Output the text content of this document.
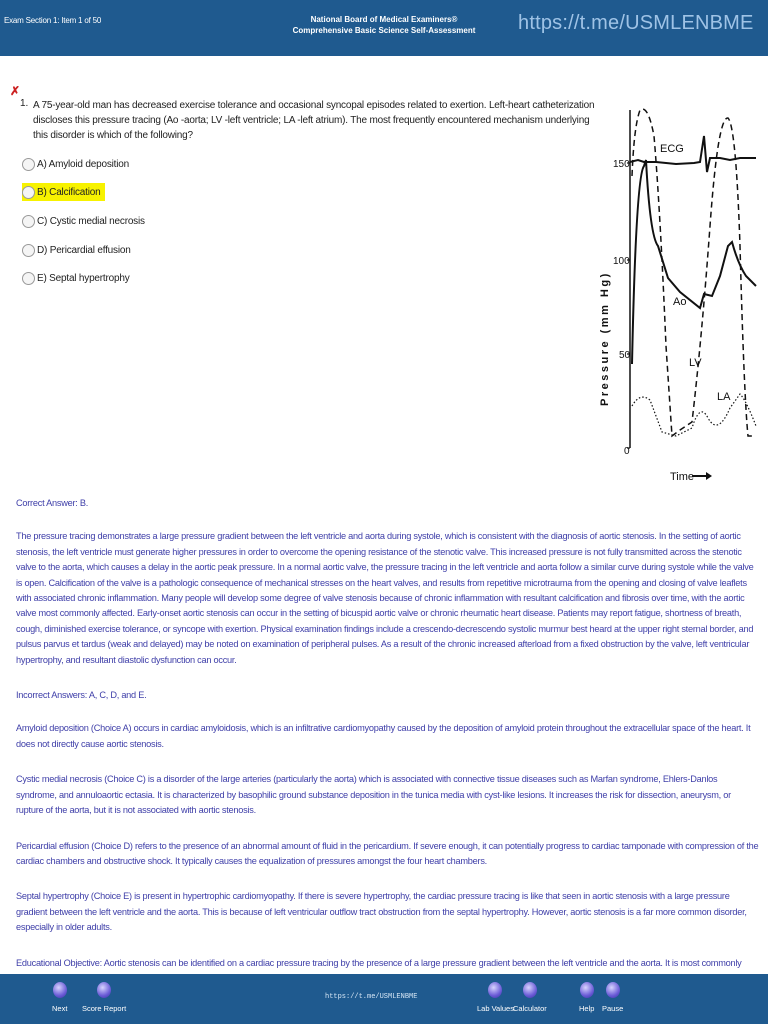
Exam Section 1: Item 1 of 50	National Board of Medical Examiners®
Comprehensive Basic Science Self-Assessment	https://t.me/USMLENBME
✗
1. A 75-year-old man has decreased exercise tolerance and occasional syncopal episodes related to exertion. Left-heart catheterization discloses this pressure tracing (Ao -aorta; LV -left ventricle; LA -left atrium). The most frequently encountered mechanism underlying this disorder is which of the following?
A) Amyloid deposition
B) Calcification
C) Cystic medial necrosis
D) Pericardial effusion
E) Septal hypertrophy	Pressure (mm Hg)
150
100
50
0
Time
ECG
Ao
LV
LA

Correct Answer: B.

The pressure tracing demonstrates a large pressure gradient between the left ventricle and aorta during systole, which is consistent with the diagnosis of aortic stenosis. In the setting of aortic stenosis, the left ventricle must generate higher pressures in order to overcome the opening resistance of the stenotic valve. This increased pressure is not fully transmitted across the stenotic valve to the aorta, which causes a delay in the aortic peak pressure. In a normal aortic valve, the pressure tracing in the left ventricle and aorta follow a similar curve during systole while the valve is open. Calcification of the valve is a pathologic consequence of mechanical stresses on the heart valves, and results from repetitive microtrauma from the opening and closing of valve leaflets with associated chronic inflammation. Many people will develop some degree of valve stenosis because of chronic inflammation with resultant calcification and fibrosis over time, with the aortic valve most commonly affected. Early-onset aortic stenosis can occur in the setting of bicuspid aortic valve or chronic rheumatic heart disease. Patients may report fatigue, shortness of breath, cough, diminished exercise tolerance, or syncope with exertion. Physical examination findings include a crescendo-decrescendo systolic murmur best heard at the upper right sternal border, and pulsus parvus et tardus (weak and delayed) may be noted on examination of peripheral pulses. As a result of the chronic increased afterload from a fixed obstruction by the valve, left ventricular hypertrophy, and resultant diastolic dysfunction can occur.

Incorrect Answers: A, C, D, and E.

Amyloid deposition (Choice A) occurs in cardiac amyloidosis, which is an infiltrative cardiomyopathy caused by the deposition of amyloid protein throughout the extracellular space of the heart. It does not directly cause aortic stenosis.

Cystic medial necrosis (Choice C) is a disorder of the large arteries (particularly the aorta) which is associated with connective tissue diseases such as Marfan syndrome, Ehlers-Danlos syndrome, and annuloaortic ectasia. It is characterized by basophilic ground substance deposition in the tunica media with cyst-like lesions. It increases the risk for dissection, aneurysm, or rupture of the aorta, but it is not associated with aortic stenosis.

Pericardial effusion (Choice D) refers to the presence of an abnormal amount of fluid in the pericardium. If severe enough, it can potentially progress to cardiac tamponade with compression of the cardiac chambers and obstructive shock. It typically causes the equalization of pressures amongst the four heart chambers.

Septal hypertrophy (Choice E) is present in hypertrophic cardiomyopathy. If there is severe hypertrophy, the cardiac pressure tracing is like that seen in aortic stenosis with a large pressure gradient between the left ventricle and the aorta. This is because of left ventricular outflow tract obstruction from the septal hypertrophy. However, aortic stenosis is a far more common disorder, especially in older adults.

Educational Objective: Aortic stenosis can be identified on a cardiac pressure tracing by the presence of a large pressure gradient between the left ventricle and the aorta. It is most commonly

Next Score Report
https://t.me/USMLENBME
Lab Values Calculator	Help Pause
